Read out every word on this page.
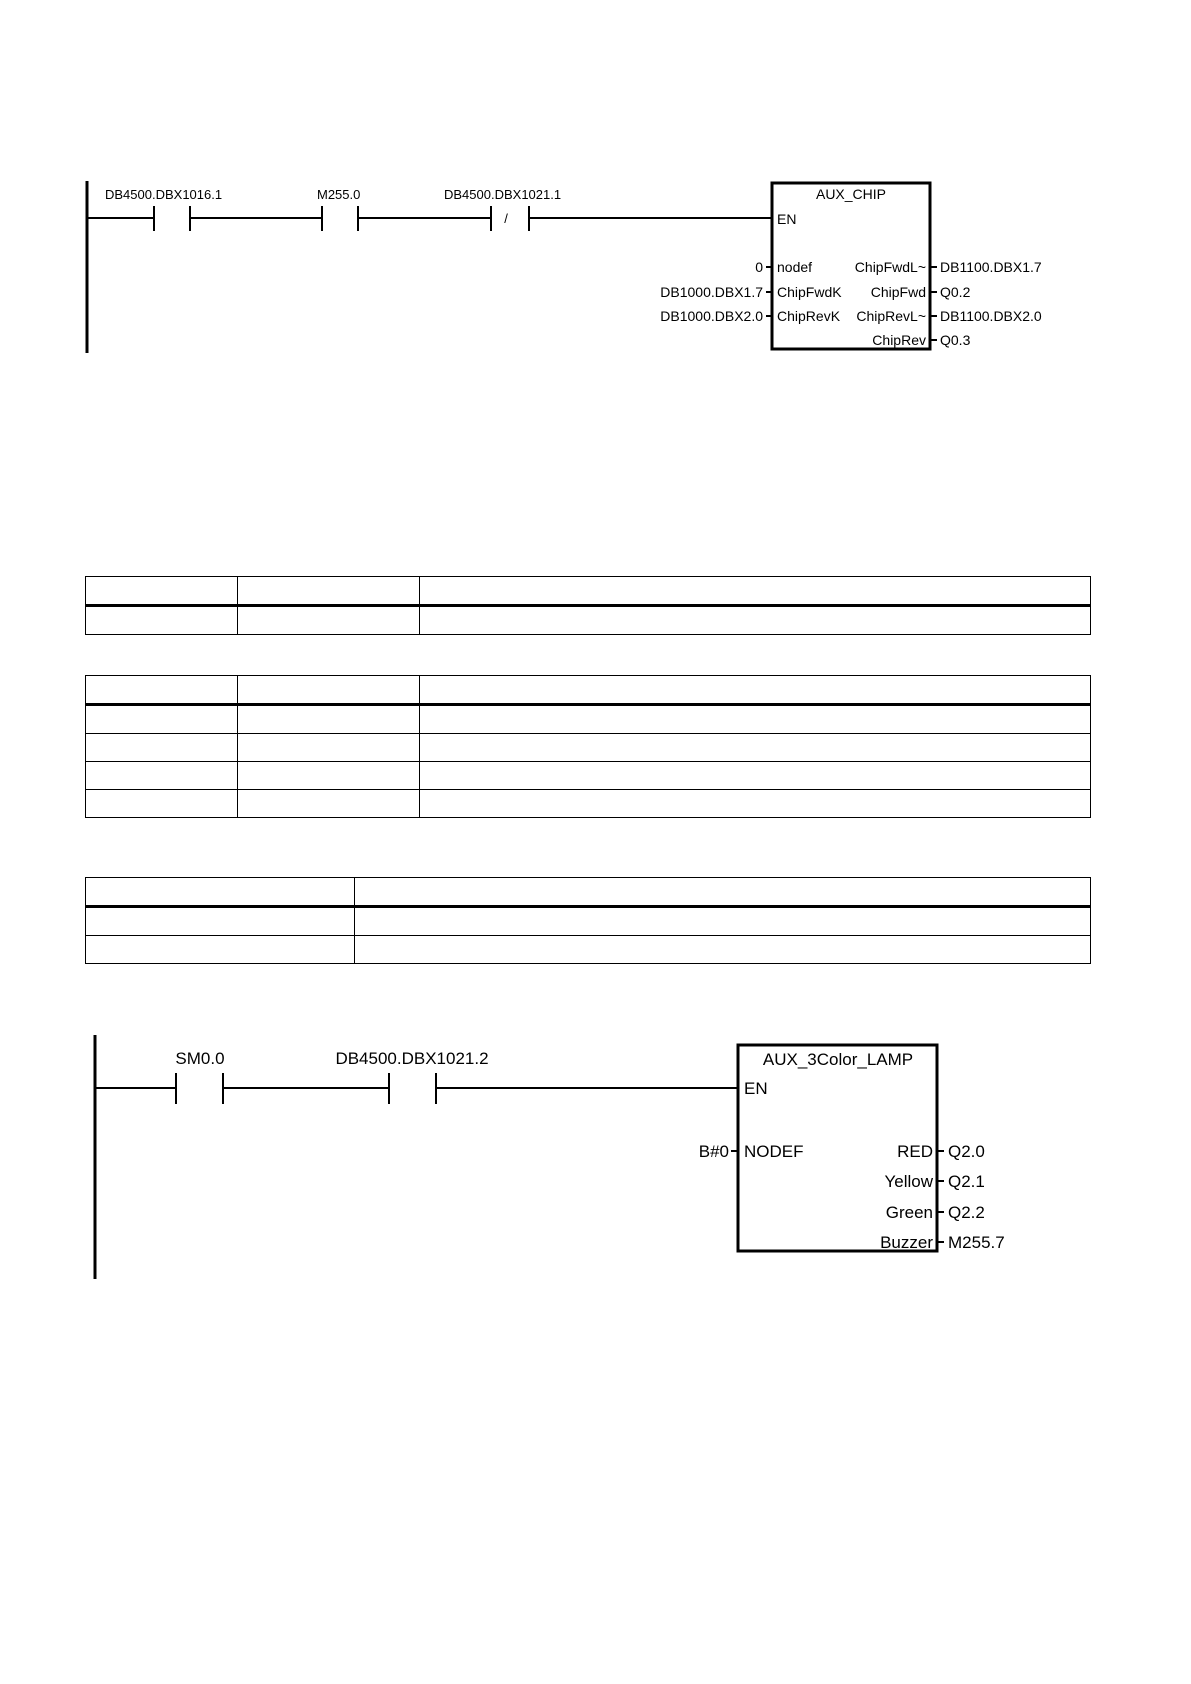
DB4500.DBX1016.1	M255.0	DB4500.DBX1021.1
/
AUX_CHIP
EN
nodef
0
ChipFwdK
DB1000.DBX1.7
ChipRevK
DB1000.DBX2.0
ChipFwdL~ DB1100.DBX1.7
ChipFwd Q0.2
ChipRevL~ DB1100.DBX2.0
ChipRev Q0.3
SM0.0	DB4500.DBX1021.2	AUX_3Color_LAMP
EN
NODEF
B#0	RED Q2.0
Yellow Q2.1
Green Q2.2
Buzzer M255.7
